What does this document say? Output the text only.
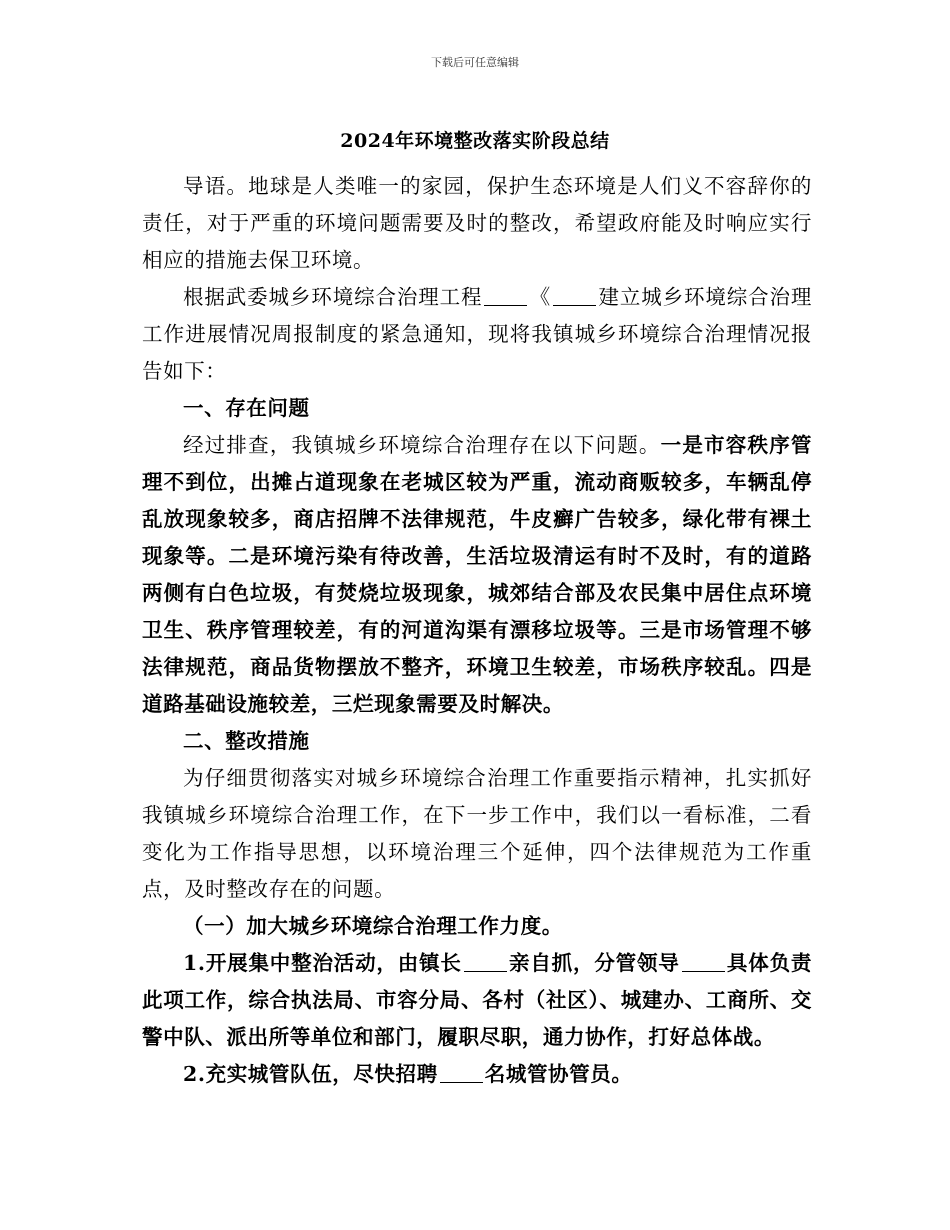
下载后可任意编辑
2024年环境整改落实阶段总结

导语。地球是人类唯一的家园，保护生态环境是人们义不容辞你的责任，对于严重的环境问题需要及时的整改，希望政府能及时响应实行相应的措施去保卫环境。

根据武委城乡环境综合治理工程 《 建立城乡环境综合治理工作进展情况周报制度的紧急通知，现将我镇城乡环境综合治理情况报告如下：

一、存在问题

经过排查，我镇城乡环境综合治理存在以下问题。一是市容秩序管理不到位，出摊占道现象在老城区较为严重，流动商贩较多，车辆乱停乱放现象较多，商店招牌不法律规范，牛皮癣广告较多，绿化带有裸土现象等。二是环境污染有待改善，生活垃圾清运有时不及时，有的道路两侧有白色垃圾，有焚烧垃圾现象，城郊结合部及农民集中居住点环境卫生、秩序管理较差，有的河道沟渠有漂移垃圾等。三是市场管理不够法律规范，商品货物摆放不整齐，环境卫生较差，市场秩序较乱。四是道路基础设施较差，三烂现象需要及时解决。

二、整改措施

为仔细贯彻落实对城乡环境综合治理工作重要指示精神，扎实抓好我镇城乡环境综合治理工作，在下一步工作中，我们以一看标准，二看变化为工作指导思想，以环境治理三个延伸，四个法律规范为工作重点，及时整改存在的问题。

（一）加大城乡环境综合治理工作力度。

1.开展集中整治活动，由镇长 亲自抓，分管领导 具体负责此项工作，综合执法局、市容分局、各村（社区）、城建办、工商所、交警中队、派出所等单位和部门，履职尽职，通力协作，打好总体战。

2.充实城管队伍，尽快招聘 名城管协管员。
